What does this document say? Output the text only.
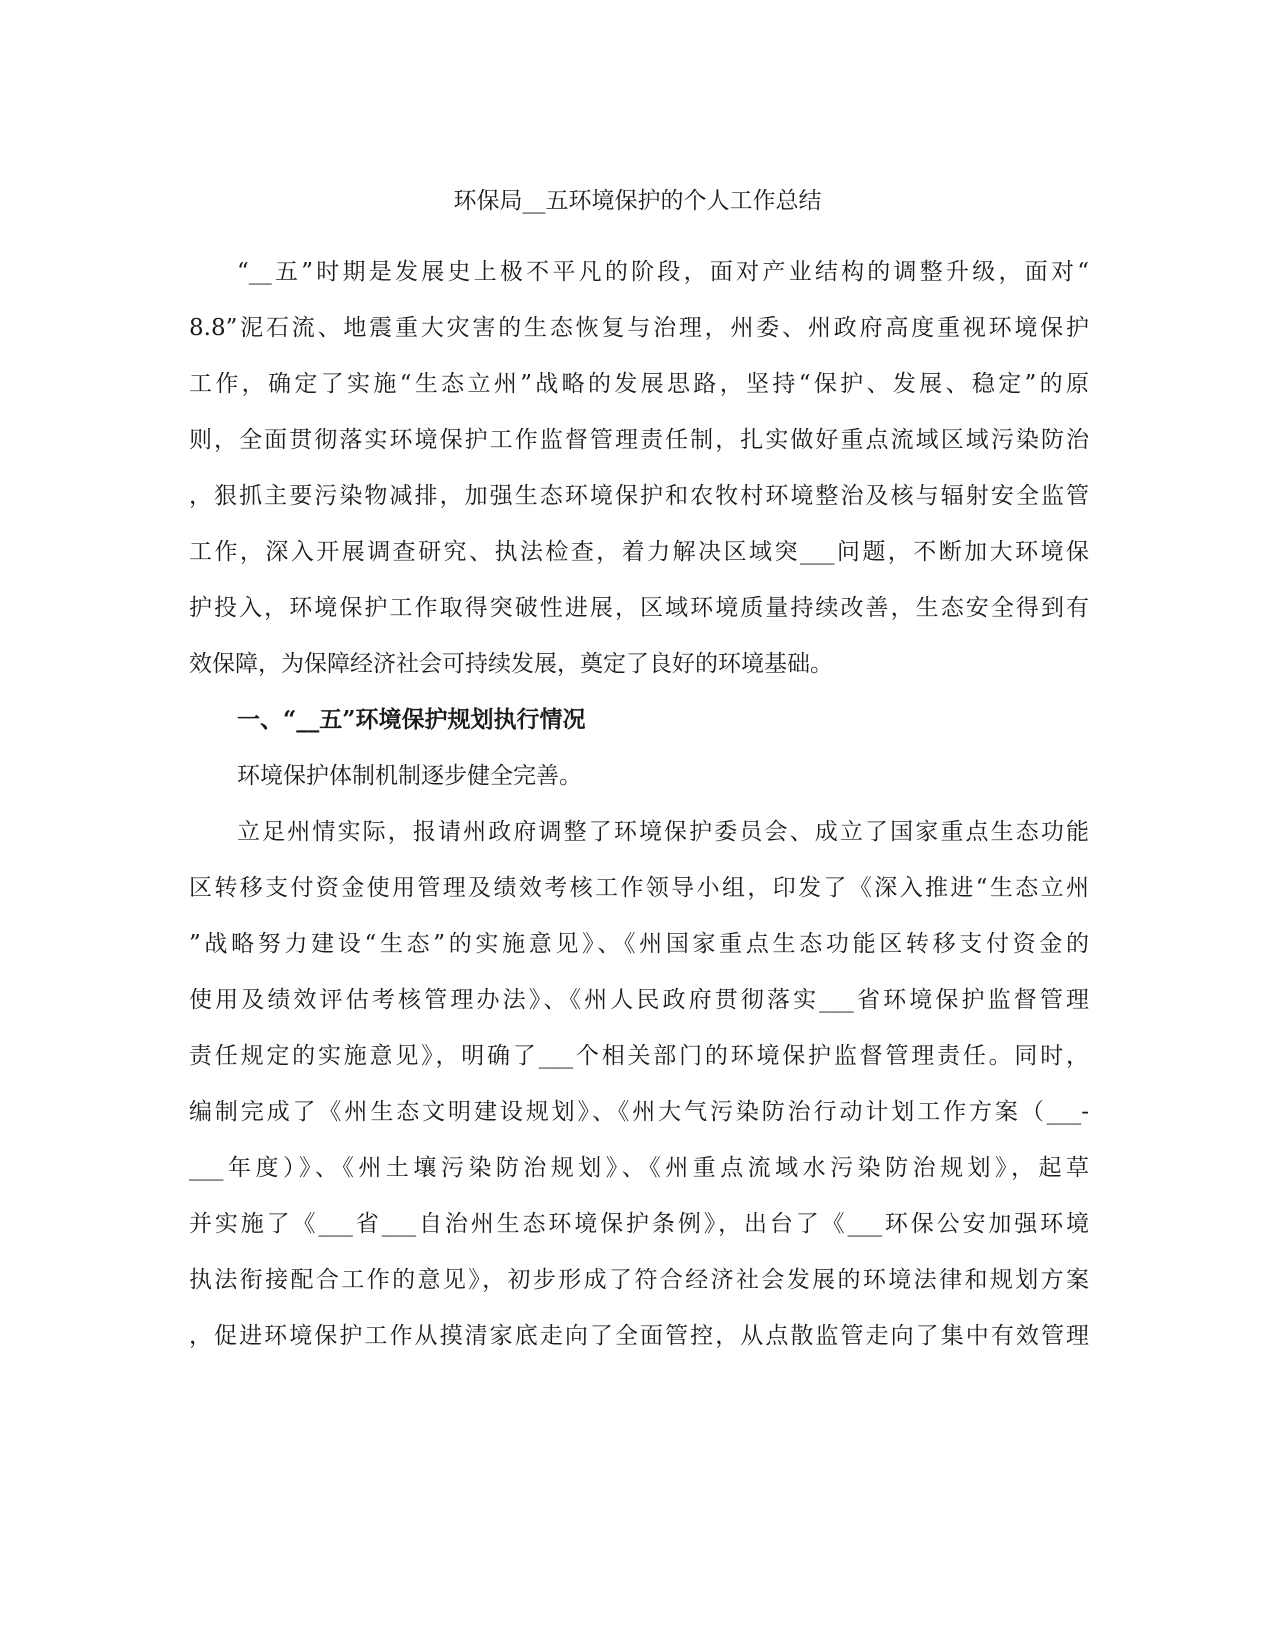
环保局__五环境保护的个人工作总结
“__五”时期是发展史上极不平凡的阶段，面对产业结构的调整升级，面对“
8.8”泥石流、地震重大灾害的生态恢复与治理，州委、州政府高度重视环境保护
工作，确定了实施“生态立州”战略的发展思路，坚持“保护、发展、稳定”的原
则，全面贯彻落实环境保护工作监督管理责任制，扎实做好重点流域区域污染防治
，狠抓主要污染物减排，加强生态环境保护和农牧村环境整治及核与辐射安全监管
工作，深入开展调查研究、执法检查，着力解决区域突___问题，不断加大环境保
护投入，环境保护工作取得突破性进展，区域环境质量持续改善，生态安全得到有
效保障，为保障经济社会可持续发展，奠定了良好的环境基础。
一、“__五”环境保护规划执行情况
环境保护体制机制逐步健全完善。
立足州情实际，报请州政府调整了环境保护委员会、成立了国家重点生态功能
区转移支付资金使用管理及绩效考核工作领导小组，印发了《深入推进“生态立州
”战略努力建设“生态”的实施意见》、《州国家重点生态功能区转移支付资金的
使用及绩效评估考核管理办法》、《州人民政府贯彻落实___省环境保护监督管理
责任规定的实施意见》，明确了___个相关部门的环境保护监督管理责任。同时，
编制完成了《州生态文明建设规划》、《州大气污染防治行动计划工作方案（___-
___年度）》、《州土壤污染防治规划》、《州重点流域水污染防治规划》，起草
并实施了《___省___自治州生态环境保护条例》，出台了《___环保公安加强环境
执法衔接配合工作的意见》，初步形成了符合经济社会发展的环境法律和规划方案
，促进环境保护工作从摸清家底走向了全面管控，从点散监管走向了集中有效管理
